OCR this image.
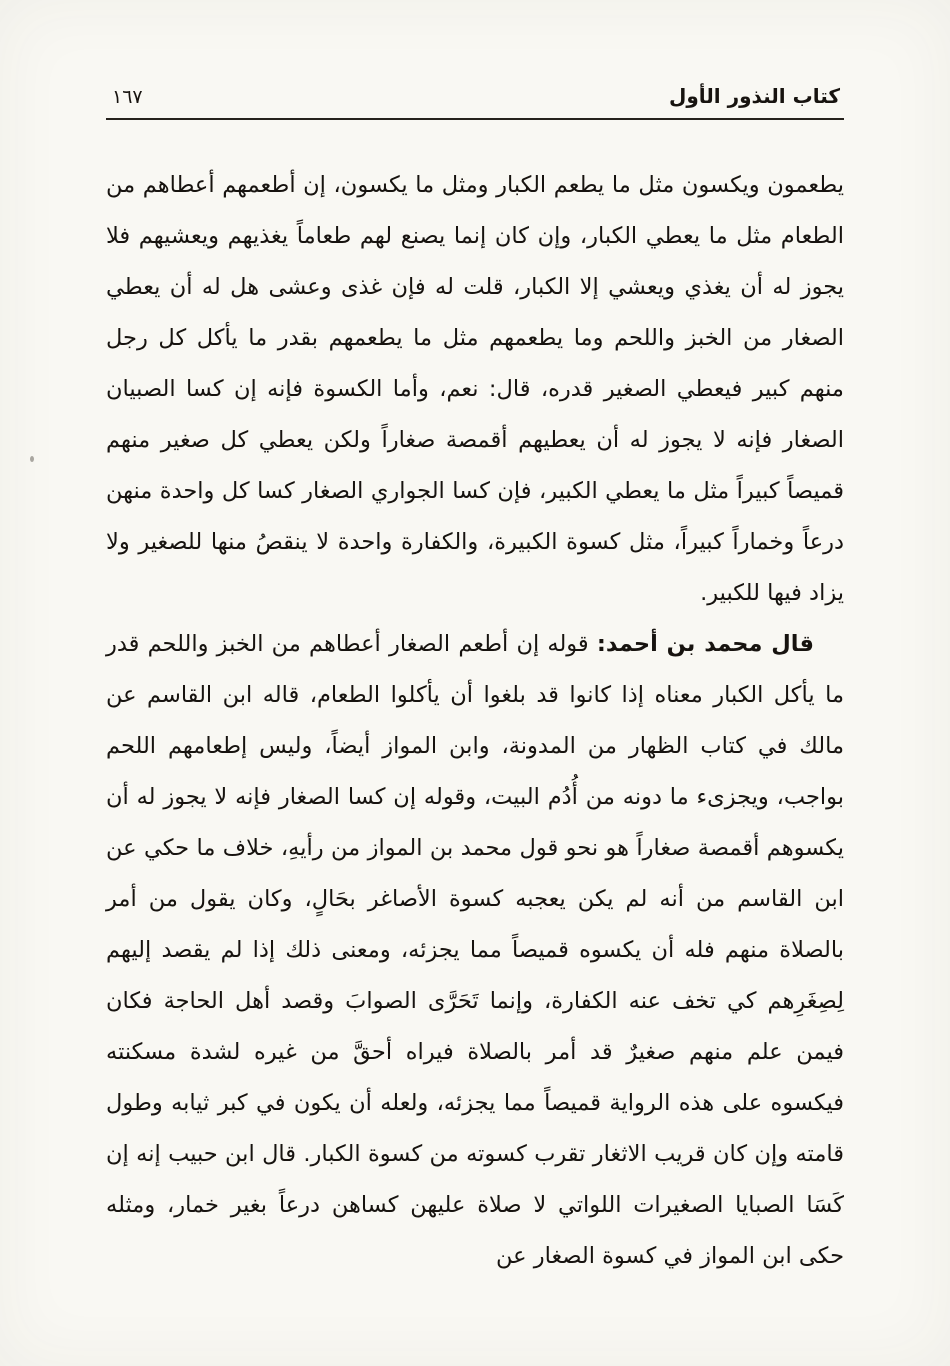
كتاب النذور الأول
١٦٧

يطعمون ويكسون مثل ما يطعم الكبار ومثل ما يكسون، إن أطعمهم أعطاهم من الطعام مثل ما يعطي الكبار، وإن كان إنما يصنع لهم طعاماً يغذيهم ويعشيهم فلا يجوز له أن يغذي ويعشي إلا الكبار، قلت له فإن غذى وعشى هل له أن يعطي الصغار من الخبز واللحم وما يطعمهم مثل ما يطعمهم بقدر ما يأكل كل رجل منهم كبير فيعطي الصغير قدره، قال: نعم، وأما الكسوة فإنه إن كسا الصبيان الصغار فإنه لا يجوز له أن يعطيهم أقمصة صغاراً ولكن يعطي كل صغير منهم قميصاً كبيراً مثل ما يعطي الكبير، فإن كسا الجواري الصغار كسا كل واحدة منهن درعاً وخماراً كبيراً، مثل كسوة الكبيرة، والكفارة واحدة لا ينقصُ منها للصغير ولا يزاد فيها للكبير.

قال محمد بن أحمد: قوله إن أطعم الصغار أعطاهم من الخبز واللحم قدر ما يأكل الكبار معناه إذا كانوا قد بلغوا أن يأكلوا الطعام، قاله ابن القاسم عن مالك في كتاب الظهار من المدونة، وابن المواز أيضاً، وليس إطعامهم اللحم بواجب، ويجزىء ما دونه من أُدُم البيت، وقوله إن كسا الصغار فإنه لا يجوز له أن يكسوهم أقمصة صغاراً هو نحو قول محمد بن المواز من رأيهِ، خلاف ما حكي عن ابن القاسم من أنه لم يكن يعجبه كسوة الأصاغر بحَالٍ، وكان يقول من أمر بالصلاة منهم فله أن يكسوه قميصاً مما يجزئه، ومعنى ذلك إذا لم يقصد إليهم لِصِغَرِهم كي تخف عنه الكفارة، وإنما تَحَرَّى الصوابَ وقصد أهل الحاجة فكان فيمن علم منهم صغيرٌ قد أمر بالصلاة فيراه أحقَّ من غيره لشدة مسكنته فيكسوه على هذه الرواية قميصاً مما يجزئه، ولعله أن يكون في كبر ثيابه وطول قامته وإن كان قريب الاثغار تقرب كسوته من كسوة الكبار. قال ابن حبيب إنه إن كَسَا الصبايا الصغيرات اللواتي لا صلاة عليهن كساهن درعاً بغير خمار، ومثله حكى ابن المواز في كسوة الصغار عن
